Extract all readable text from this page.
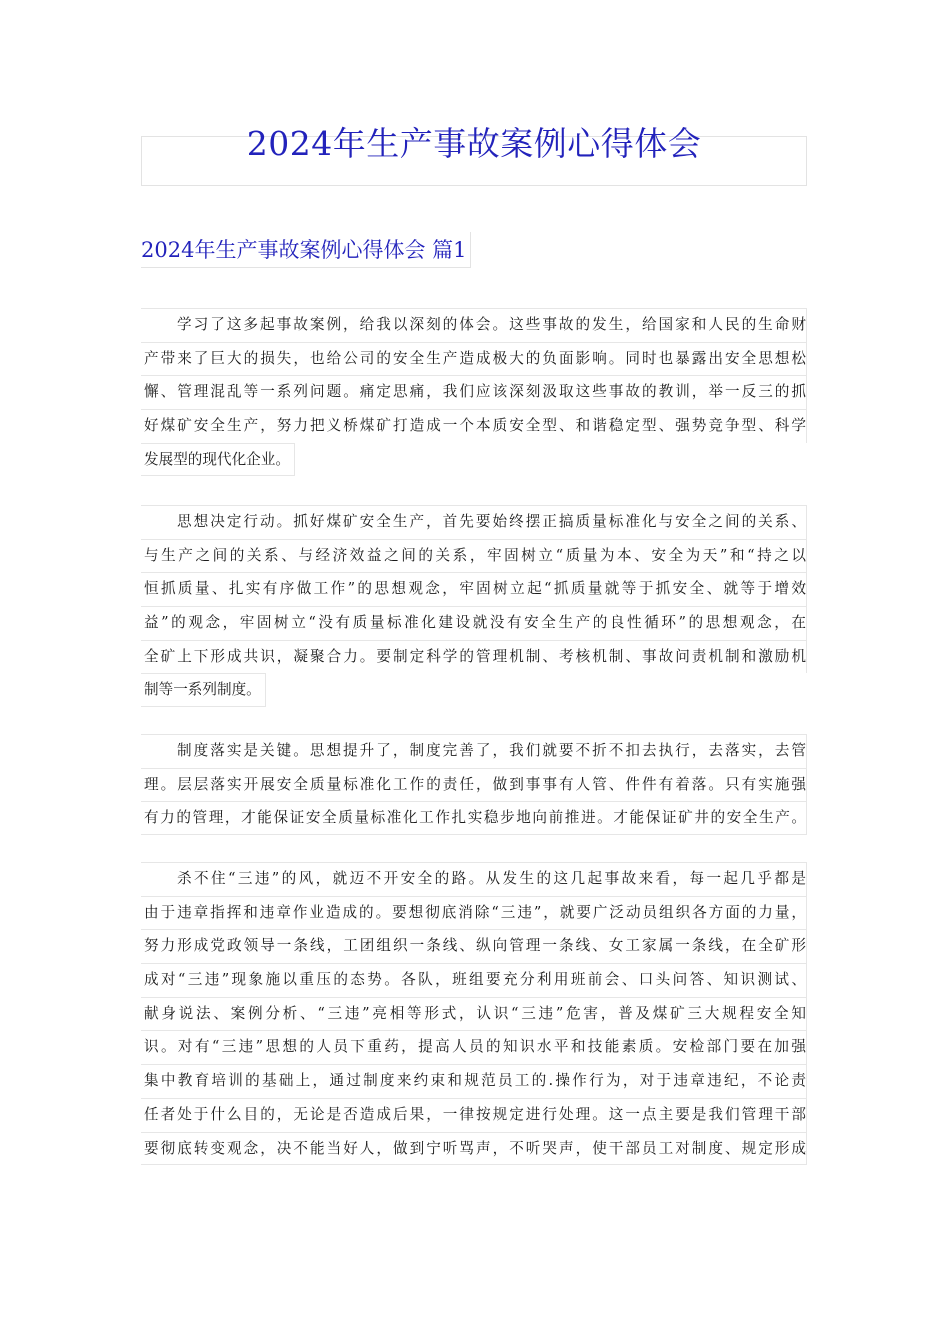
2024年生产事故案例心得体会
2024年生产事故案例心得体会 篇1
学习了这多起事故案例，给我以深刻的体会。这些事故的发生，给国家和人民的生命财
产带来了巨大的损失，也给公司的安全生产造成极大的负面影响。同时也暴露出安全思想松
懈、管理混乱等一系列问题。痛定思痛，我们应该深刻汲取这些事故的教训，举一反三的抓
好煤矿安全生产，努力把义桥煤矿打造成一个本质安全型、和谐稳定型、强势竞争型、科学
发展型的现代化企业。
思想决定行动。抓好煤矿安全生产，首先要始终摆正搞质量标准化与安全之间的关系、
与生产之间的关系、与经济效益之间的关系，牢固树立“质量为本、安全为天”和“持之以
恒抓质量、扎实有序做工作”的思想观念，牢固树立起“抓质量就等于抓安全、就等于增效
益”的观念，牢固树立“没有质量标准化建设就没有安全生产的良性循环”的思想观念，在
全矿上下形成共识，凝聚合力。要制定科学的管理机制、考核机制、事故问责机制和激励机
制等一系列制度。
制度落实是关键。思想提升了，制度完善了，我们就要不折不扣去执行，去落实，去管
理。层层落实开展安全质量标准化工作的责任，做到事事有人管、件件有着落。只有实施强
有力的管理，才能保证安全质量标准化工作扎实稳步地向前推进。才能保证矿井的安全生产。
杀不住“三违”的风，就迈不开安全的路。从发生的这几起事故来看，每一起几乎都是
由于违章指挥和违章作业造成的。要想彻底消除“三违”，就要广泛动员组织各方面的力量，
努力形成党政领导一条线，工团组织一条线、纵向管理一条线、女工家属一条线，在全矿形
成对“三违”现象施以重压的态势。各队，班组要充分利用班前会、口头问答、知识测试、
献身说法、案例分析、“三违”亮相等形式，认识“三违”危害，普及煤矿三大规程安全知
识。对有“三违”思想的人员下重药，提高人员的知识水平和技能素质。安检部门要在加强
集中教育培训的基础上，通过制度来约束和规范员工的.操作行为，对于违章违纪，不论责
任者处于什么目的，无论是否造成后果，一律按规定进行处理。这一点主要是我们管理干部
要彻底转变观念，决不能当好人，做到宁听骂声，不听哭声，使干部员工对制度、规定形成
